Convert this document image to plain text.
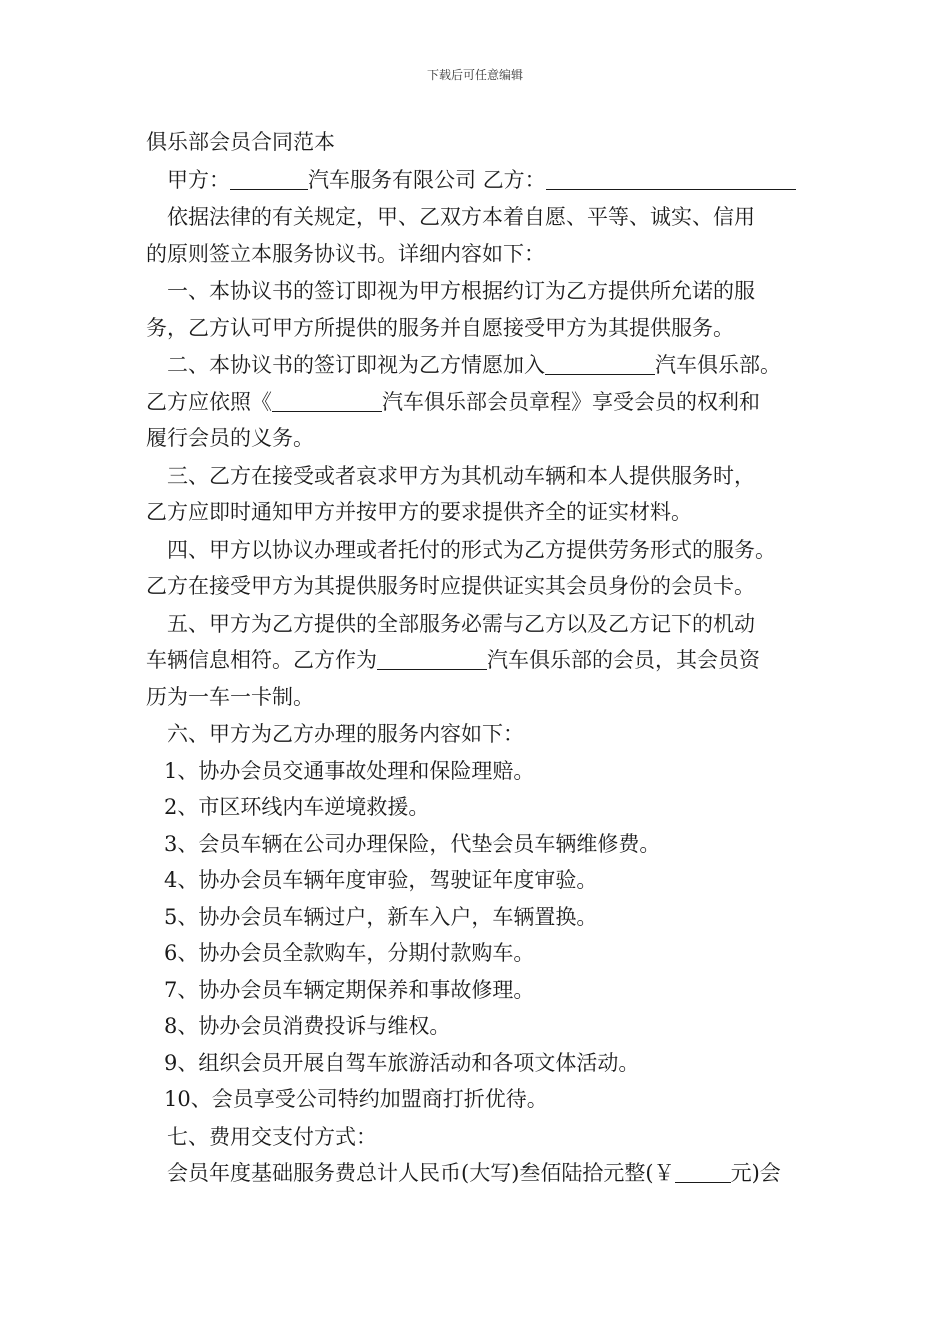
下载后可任意编辑

俱乐部会员合同范本

甲方：	汽车服务有限公司 乙方：

依据法律的有关规定，甲、乙双方本着自愿、平等、诚实、信用

的原则签立本服务协议书。详细内容如下：

一、本协议书的签订即视为甲方根据约订为乙方提供所允诺的服

务，乙方认可甲方所提供的服务并自愿接受甲方为其提供服务。

二、本协议书的签订即视为乙方情愿加入	汽车俱乐部。

乙方应依照《	汽车俱乐部会员章程》享受会员的权利和

履行会员的义务。

三、乙方在接受或者哀求甲方为其机动车辆和本人提供服务时，

乙方应即时通知甲方并按甲方的要求提供齐全的证实材料。

四、甲方以协议办理或者托付的形式为乙方提供劳务形式的服务。

乙方在接受甲方为其提供服务时应提供证实其会员身份的会员卡。

五、甲方为乙方提供的全部服务必需与乙方以及乙方记下的机动

车辆信息相符。乙方作为	汽车俱乐部的会员，其会员资

历为一车一卡制。

六、甲方为乙方办理的服务内容如下：

1、协办会员交通事故处理和保险理赔。

2、市区环线内车逆境救援。

3、会员车辆在公司办理保险，代垫会员车辆维修费。

4、协办会员车辆年度审验，驾驶证年度审验。

5、协办会员车辆过户，新车入户，车辆置换。

6、协办会员全款购车，分期付款购车。

7、协办会员车辆定期保养和事故修理。

8、协办会员消费投诉与维权。

9、组织会员开展自驾车旅游活动和各项文体活动。

10、会员享受公司特约加盟商打折优待。

七、费用交支付方式：

会员年度基础服务费总计人民币(大写)叁佰陆拾元整(￥	元)会
